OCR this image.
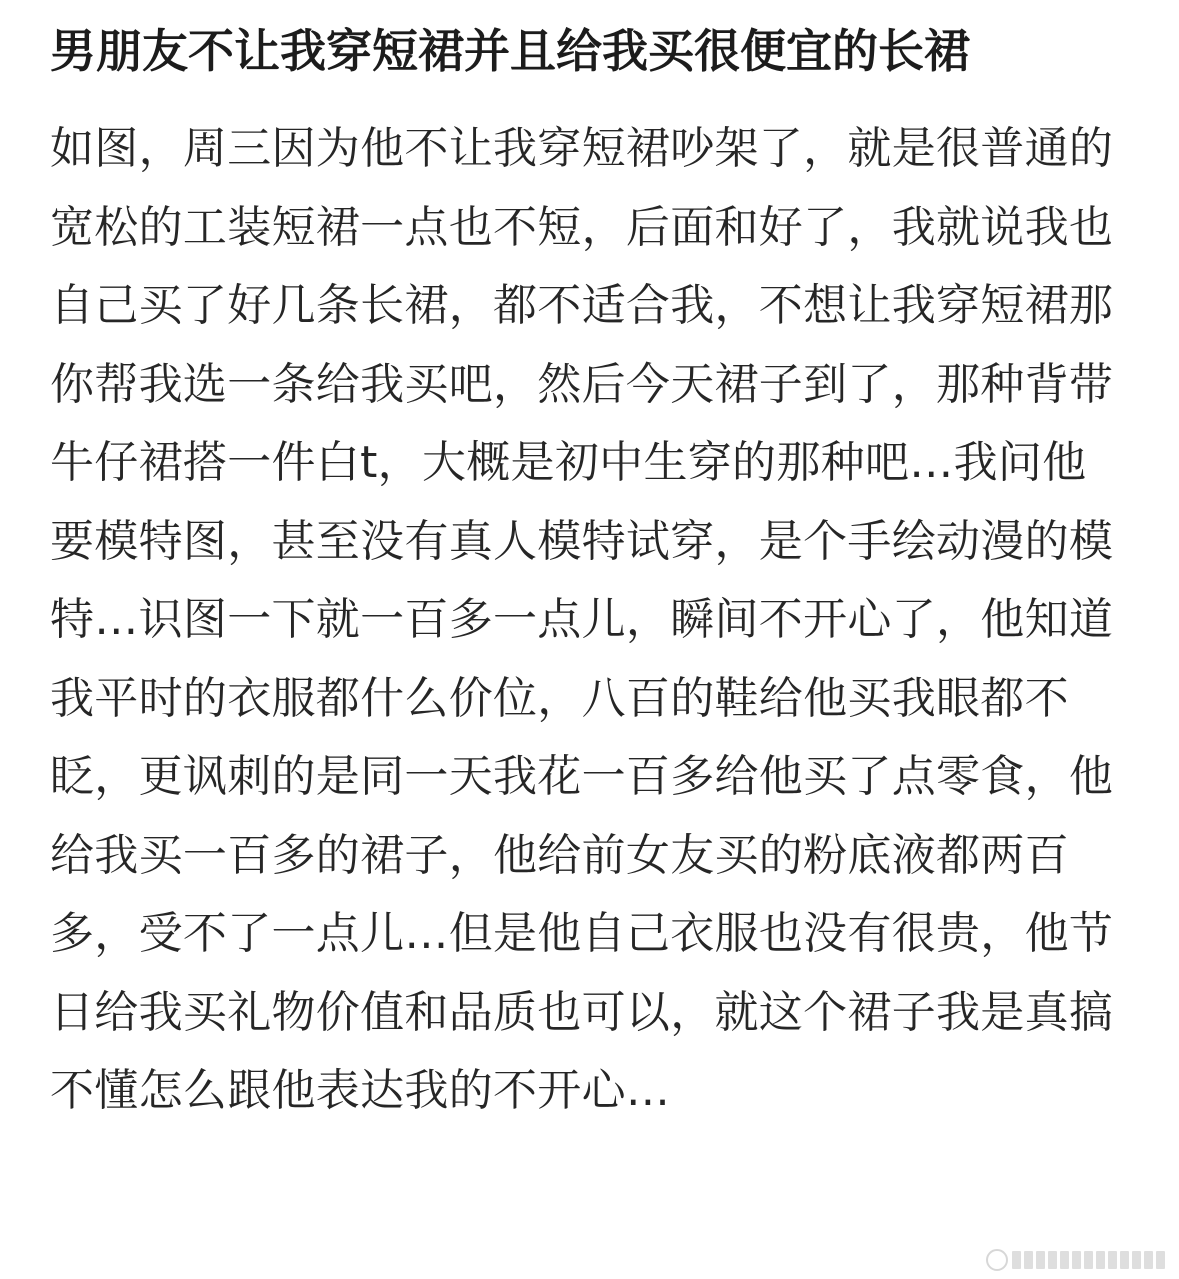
男朋友不让我穿短裙并且给我买很便宜的长裙

如图，周三因为他不让我穿短裙吵架了，就是很普通的宽松的工装短裙一点也不短，后面和好了，我就说我也自己买了好几条长裙，都不适合我，不想让我穿短裙那你帮我选一条给我买吧，然后今天裙子到了，那种背带牛仔裙搭一件白t，大概是初中生穿的那种吧…我问他要模特图，甚至没有真人模特试穿，是个手绘动漫的模特…识图一下就一百多一点儿，瞬间不开心了，他知道我平时的衣服都什么价位，八百的鞋给他买我眼都不眨，更讽刺的是同一天我花一百多给他买了点零食，他给我买一百多的裙子，他给前女友买的粉底液都两百多，受不了一点儿…但是他自己衣服也没有很贵，他节日给我买礼物价值和品质也可以，就这个裙子我是真搞不懂怎么跟他表达我的不开心…
